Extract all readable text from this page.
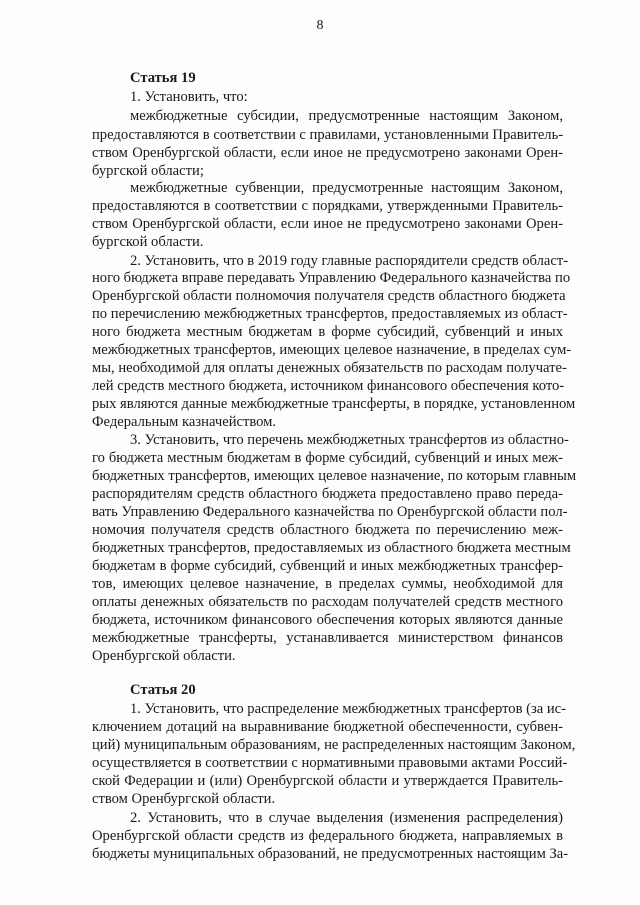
8
Статья 19
1. Установить, что:
межбюджетные субсидии, предусмотренные настоящим Законом,
предоставляются в соответствии с правилами, установленными Правитель-
ством Оренбургской области, если иное не предусмотрено законами Орен-
бургской области;
межбюджетные субвенции, предусмотренные настоящим Законом,
предоставляются в соответствии с порядками, утвержденными Правитель-
ством Оренбургской области, если иное не предусмотрено законами Орен-
бургской области.
2. Установить, что в 2019 году главные распорядители средств област-
ного бюджета вправе передавать Управлению Федерального казначейства по
Оренбургской области полномочия получателя средств областного бюджета
по перечислению межбюджетных трансфертов, предоставляемых из област-
ного бюджета местным бюджетам в форме субсидий, субвенций и иных
межбюджетных трансфертов, имеющих целевое назначение, в пределах сум-
мы, необходимой для оплаты денежных обязательств по расходам получате-
лей средств местного бюджета, источником финансового обеспечения кото-
рых являются данные межбюджетные трансферты, в порядке, установленном
Федеральным казначейством.
3. Установить, что перечень межбюджетных трансфертов из областно-
го бюджета местным бюджетам в форме субсидий, субвенций и иных меж-
бюджетных трансфертов, имеющих целевое назначение, по которым главным
распорядителям средств областного бюджета предоставлено право переда-
вать Управлению Федерального казначейства по Оренбургской области пол-
номочия получателя средств областного бюджета по перечислению меж-
бюджетных трансфертов, предоставляемых из областного бюджета местным
бюджетам в форме субсидий, субвенций и иных межбюджетных трансфер-
тов, имеющих целевое назначение, в пределах суммы, необходимой для
оплаты денежных обязательств по расходам получателей средств местного
бюджета, источником финансового обеспечения которых являются данные
межбюджетные трансферты, устанавливается министерством финансов
Оренбургской области.
Статья 20
1. Установить, что распределение межбюджетных трансфертов (за ис-
ключением дотаций на выравнивание бюджетной обеспеченности, субвен-
ций) муниципальным образованиям, не распределенных настоящим Законом,
осуществляется в соответствии с нормативными правовыми актами Россий-
ской Федерации и (или) Оренбургской области и утверждается Правитель-
ством Оренбургской области.
2. Установить, что в случае выделения (изменения распределения)
Оренбургской области средств из федерального бюджета, направляемых в
бюджеты муниципальных образований, не предусмотренных настоящим За-
